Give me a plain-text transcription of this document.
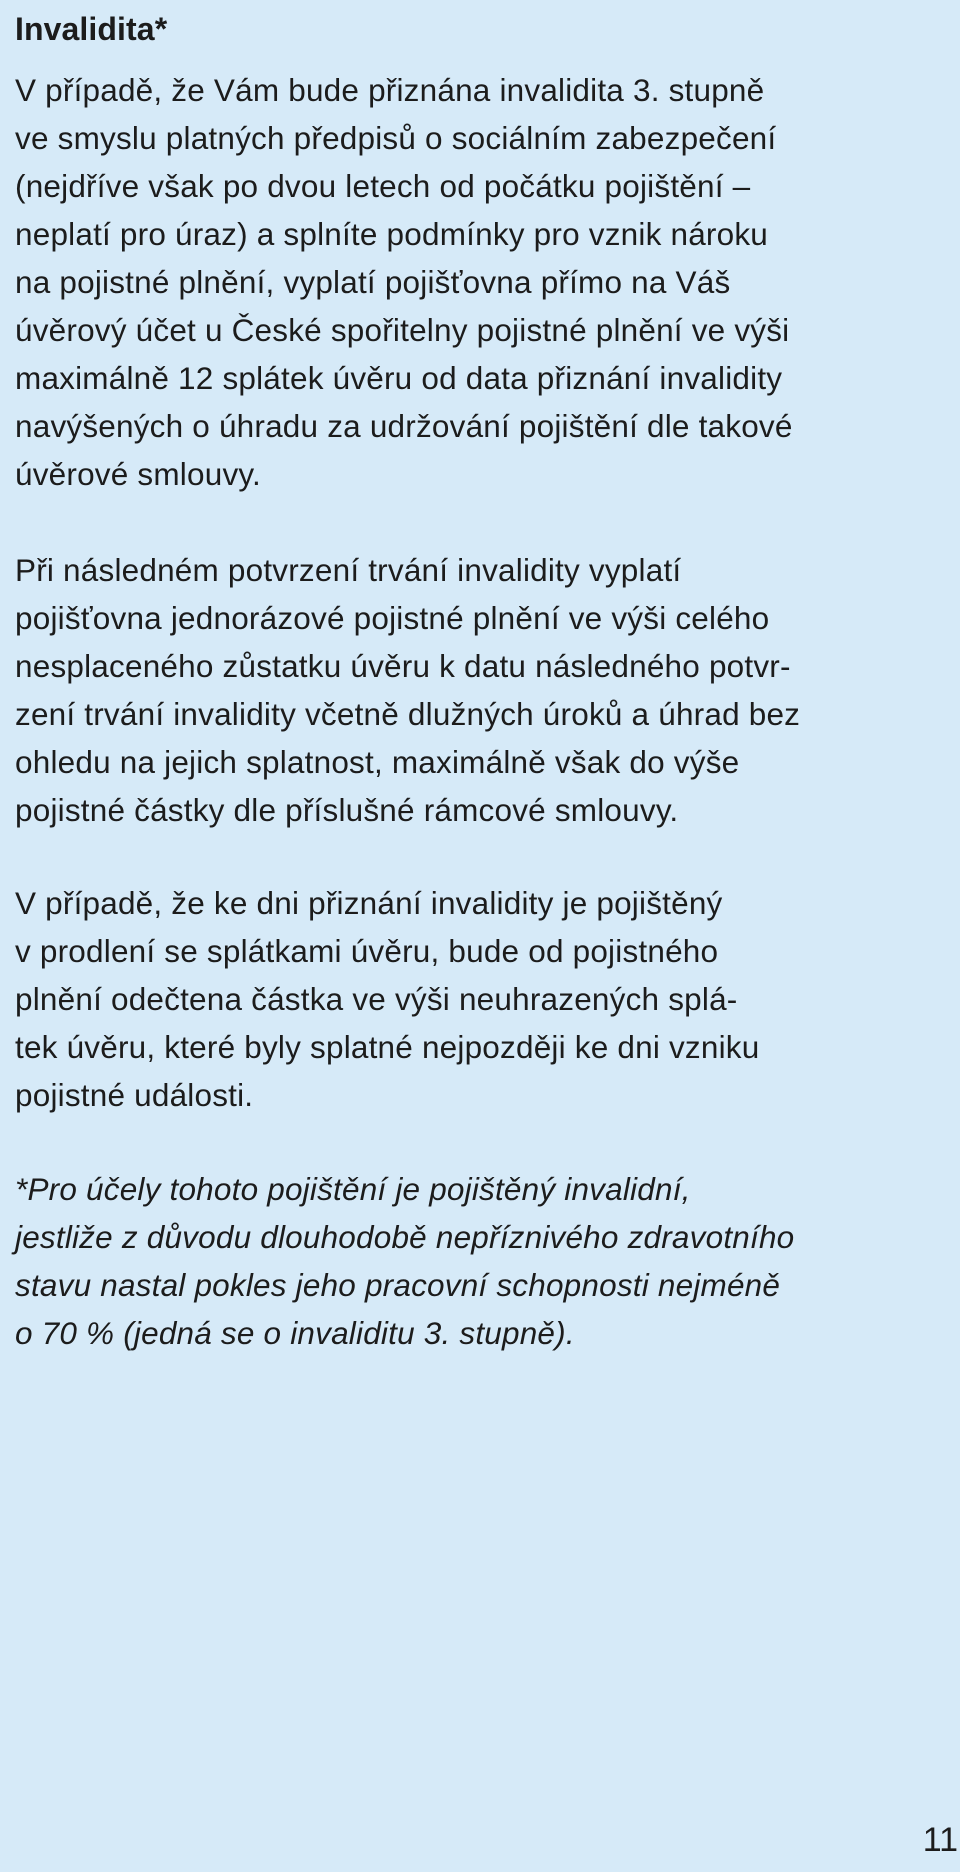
Invalidita*

V případě, že Vám bude přiznána invalidita 3. stupně
ve smyslu platných předpisů o sociálním zabezpečení
(nejdříve však po dvou letech od počátku pojištění –
neplatí pro úraz) a splníte podmínky pro vznik nároku
na pojistné plnění, vyplatí pojišťovna přímo na Váš
úvěrový účet u České spořitelny pojistné plnění ve výši
maximálně 12 splátek úvěru od data přiznání invalidity
navýšených o úhradu za udržování pojištění dle takové
úvěrové smlouvy.

Při následném potvrzení trvání invalidity vyplatí
pojišťovna jednorázové pojistné plnění ve výši celého
nesplaceného zůstatku úvěru k datu následného potvr-
zení trvání invalidity včetně dlužných úroků a úhrad bez
ohledu na jejich splatnost, maximálně však do výše
pojistné částky dle příslušné rámcové smlouvy.

V případě, že ke dni přiznání invalidity je pojištěný
v prodlení se splátkami úvěru, bude od pojistného
plnění odečtena částka ve výši neuhrazených splá-
tek úvěru, které byly splatné nejpozději ke dni vzniku
pojistné události.

*Pro účely tohoto pojištění je pojištěný invalidní,
jestliže z důvodu dlouhodobě nepříznivého zdravotního
stavu nastal pokles jeho pracovní schopnosti nejméně
o 70 % (jedná se o invaliditu 3. stupně).

11
